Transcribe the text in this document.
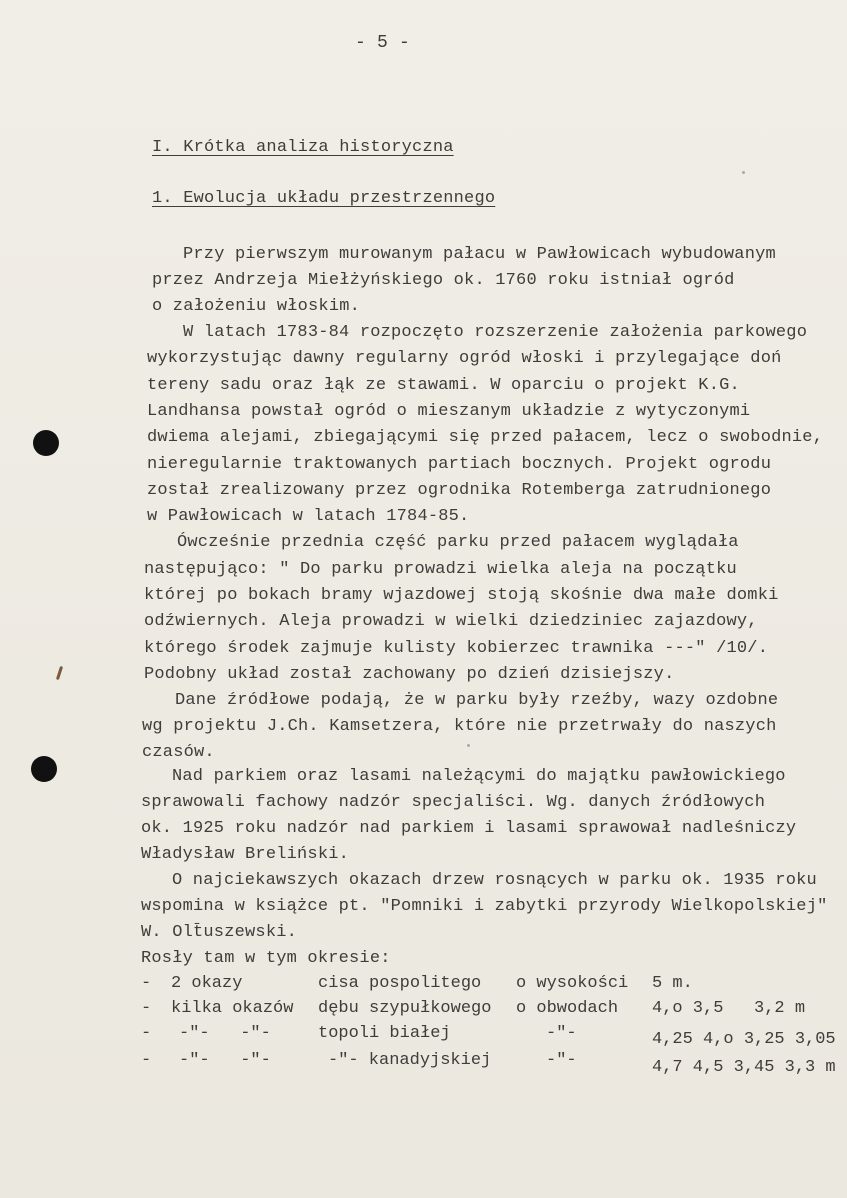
- 5 -
I. Krótka analiza historyczna
1. Ewolucja układu przestrzennego
Przy pierwszym murowanym pałacu w Pawłowicach wybudowanym
przez Andrzeja Miełżyńskiego ok. 1760 roku istniał ogród
o założeniu włoskim.
W latach 1783-84 rozpoczęto rozszerzenie założenia parkowego
wykorzystując dawny regularny ogród włoski i przylegające doń
tereny sadu oraz łąk ze stawami. W oparciu o projekt K.G.
Landhansa powstał ogród o mieszanym układzie z wytyczonymi
dwiema alejami, zbiegającymi się przed pałacem, lecz o swobodnie,
nieregularnie traktowanych partiach bocznych. Projekt ogrodu
został zrealizowany przez ogrodnika Rotemberga zatrudnionego
w Pawłowicach w latach 1784-85.
Ówcześnie przednia część parku przed pałacem wyglądała
następująco: " Do parku prowadzi wielka aleja na początku
której po bokach bramy wjazdowej stoją skośnie dwa małe domki
odźwiernych. Aleja prowadzi w wielki dziedziniec zajazdowy,
którego środek zajmuje kulisty kobierzec trawnika ---" /10/.
Podobny układ został zachowany po dzień dzisiejszy.
Dane źródłowe podają, że w parku były rzeźby, wazy ozdobne
wg projektu J.Ch. Kamsetzera, które nie przetrwały do naszych
czasów.
Nad parkiem oraz lasami należącymi do majątku pawłowickiego
sprawowali fachowy nadzór specjaliści. Wg. danych źródłowych
ok. 1925 roku nadzór nad parkiem i lasami sprawował nadleśniczy
Władysław Breliński.
O najciekawszych okazach drzew rosnących w parku ok. 1935 roku
wspomina w książce pt. "Pomniki i zabytki przyrody Wielkopolskiej"
W. Olt̄uszewski.
Rosły tam w tym okresie:
- 2 okazy	cisa pospolitego o wysokości 5 m.
- kilka okazów dębu szypułkowego o obwodach 4,o 3,5   3,2 m
- -"-   -"-	topoli białej	-"-	4,25 4,o 3,25 3,05
- -"-   -"-	-"- kanadyjskiej	-"-	4,7 4,5 3,45 3,3 m
